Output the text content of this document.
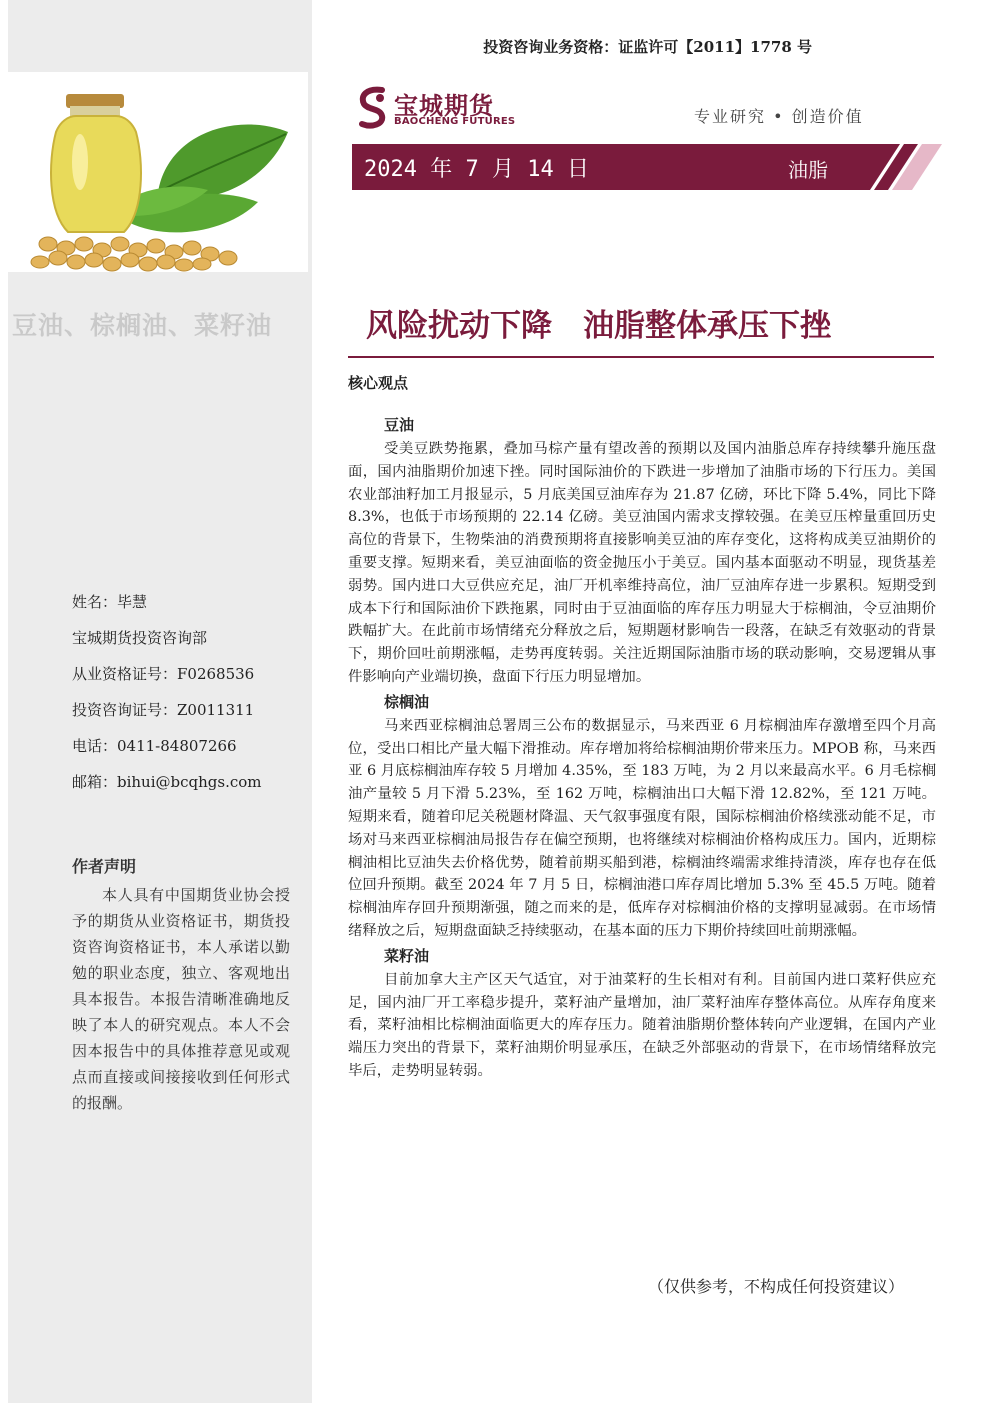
豆油、棕榈油、菜籽油
姓名：毕慧
宝城期货投资咨询部
从业资格证号：F0268536
投资咨询证号：Z0011311
电话：0411-84807266
邮箱：bihui@bcqhgs.com
作者声明
本人具有中国期货业协会授予的期货从业资格证书，期货投资咨询资格证书，本人承诺以勤勉的职业态度，独立、客观地出具本报告。本报告清晰准确地反映了本人的研究观点。本人不会因本报告中的具体推荐意见或观点而直接或间接接收到任何形式的报酬。
投资咨询业务资格：证监许可【2011】1778 号
宝城期货
BAOCHENG FUTURES	专业研究 • 创造价值
2024 年 7 月 14 日	油脂
风险扰动下降　油脂整体承压下挫
核心观点
豆油

受美豆跌势拖累，叠加马棕产量有望改善的预期以及国内油脂总库存持续攀升施压盘面，国内油脂期价加速下挫。同时国际油价的下跌进一步增加了油脂市场的下行压力。美国农业部油籽加工月报显示，5 月底美国豆油库存为 21.87 亿磅，环比下降 5.4%，同比下降 8.3%，也低于市场预期的 22.14 亿磅。美豆油国内需求支撑较强。在美豆压榨量重回历史高位的背景下，生物柴油的消费预期将直接影响美豆油的库存变化，这将构成美豆油期价的重要支撑。短期来看，美豆油面临的资金抛压小于美豆。国内基本面驱动不明显，现货基差弱势。国内进口大豆供应充足，油厂开机率维持高位，油厂豆油库存进一步累积。短期受到成本下行和国际油价下跌拖累，同时由于豆油面临的库存压力明显大于棕榈油，令豆油期价跌幅扩大。在此前市场情绪充分释放之后，短期题材影响告一段落，在缺乏有效驱动的背景下，期价回吐前期涨幅，走势再度转弱。关注近期国际油脂市场的联动影响，交易逻辑从事件影响向产业端切换，盘面下行压力明显增加。

棕榈油

马来西亚棕榈油总署周三公布的数据显示，马来西亚 6 月棕榈油库存激增至四个月高位，受出口相比产量大幅下滑推动。库存增加将给棕榈油期价带来压力。MPOB 称，马来西亚 6 月底棕榈油库存较 5 月增加 4.35%，至 183 万吨，为 2 月以来最高水平。6 月毛棕榈油产量较 5 月下滑 5.23%，至 162 万吨，棕榈油出口大幅下滑 12.82%，至 121 万吨。短期来看，随着印尼关税题材降温、天气叙事强度有限，国际棕榈油价格续涨动能不足，市场对马来西亚棕榈油局报告存在偏空预期，也将继续对棕榈油价格构成压力。国内，近期棕榈油相比豆油失去价格优势，随着前期买船到港，棕榈油终端需求维持清淡，库存也存在低位回升预期。截至 2024 年 7 月 5 日，棕榈油港口库存周比增加 5.3% 至 45.5 万吨。随着棕榈油库存回升预期渐强，随之而来的是，低库存对棕榈油价格的支撑明显减弱。在市场情绪释放之后，短期盘面缺乏持续驱动，在基本面的压力下期价持续回吐前期涨幅。

菜籽油

目前加拿大主产区天气适宜，对于油菜籽的生长相对有利。目前国内进口菜籽供应充足，国内油厂开工率稳步提升，菜籽油产量增加，油厂菜籽油库存整体高位。从库存角度来看，菜籽油相比棕榈油面临更大的库存压力。随着油脂期价整体转向产业逻辑，在国内产业端压力突出的背景下，菜籽油期价明显承压，在缺乏外部驱动的背景下，在市场情绪释放完毕后，走势明显转弱。

（仅供参考，不构成任何投资建议）
